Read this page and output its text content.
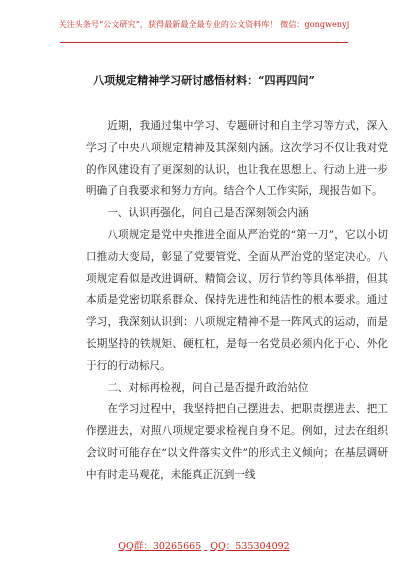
关注头条号“公文研究”，获得最新最全最专业的公文资料库！ 微信：gongwenyj
八项规定精神学习研讨感悟材料：“四再四问”

近期，我通过集中学习、专题研讨和自主学习等方式，深入学习了中央八项规定精神及其深刻内涵。这次学习不仅让我对党的作风建设有了更深刻的认识，也让我在思想上、行动上进一步明确了自我要求和努力方向。结合个人工作实际，现报告如下。

一、认识再强化，问自己是否深刻领会内涵

八项规定是党中央推进全面从严治党的“第一刀”，它以小切口推动大变局，彰显了党要管党、全面从严治党的坚定决心。八项规定看似是改进调研、精简会议、厉行节约等具体举措，但其本质是党密切联系群众、保持先进性和纯洁性的根本要求。通过学习，我深刻认识到：八项规定精神不是一阵风式的运动，而是长期坚持的铁规矩、硬杠杠，是每一名党员必须内化于心、外化于行的行动标尺。

二、对标再检视，问自己是否提升政治站位

在学习过程中，我坚持把自己摆进去、把职责摆进去、把工作摆进去，对照八项规定要求检视自身不足。例如，过去在组织会议时可能存在“以文件落实文件”的形式主义倾向；在基层调研中有时走马观花，未能真正沉到一线

QQ群：30265665 QQ：535304092
